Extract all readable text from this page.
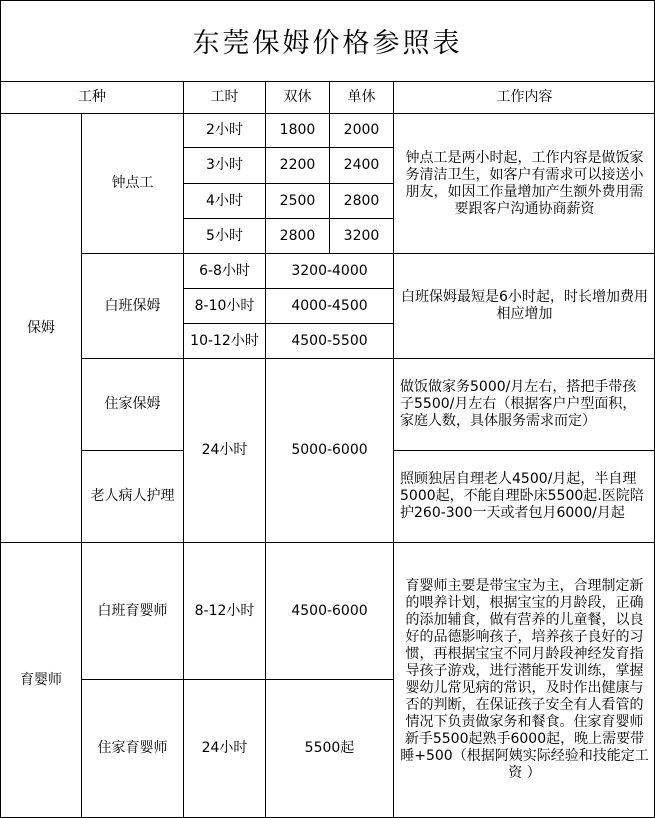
东莞保姆价格参照表
工种		工时	双休	单休	工作内容
保姆	钟点工	2小时	1800	2000	钟点工是两小时起，工作内容是做饭家务清洁卫生，如客户有需求可以接送小朋友，如因工作量增加产生额外费用需要跟客户沟通协商薪资
		3小时	2200	2400	
		4小时	2500	2800	
		5小时	2800	3200	
	白班保姆	6-8小时	3200-4000		白班保姆最短是6小时起，时长增加费用相应增加
		8-10小时	4000-4500		
		10-12小时	4500-5500		
	住家保姆	24小时	5000-6000		做饭做家务5000/月左右，搭把手带孩子5500/月左右（根据客户户型面积，家庭人数，具体服务需求而定）
	老人病人护理				照顾独居自理老人4500/月起，半自理5000起，不能自理卧床5500起.医院陪护260-300一天或者包月6000/月起
育婴师	白班育婴师	8-12小时	4500-6000		育婴师主要是带宝宝为主，合理制定新的喂养计划，根据宝宝的月龄段，正确的添加辅食，做有营养的儿童餐，以良好的品德影响孩子，培养孩子良好的习惯，再根据宝宝不同月龄段神经发育指导孩子游戏，进行潜能开发训练，掌握婴幼儿常见病的常识，及时作出健康与否的判断，在保证孩子安全有人看管的情况下负责做家务和餐食。住家育婴师新手5500起熟手6000起，晚上需要带睡+500（根据阿姨实际经验和技能定工资 ）
	住家育婴师	24小时	5500起		
